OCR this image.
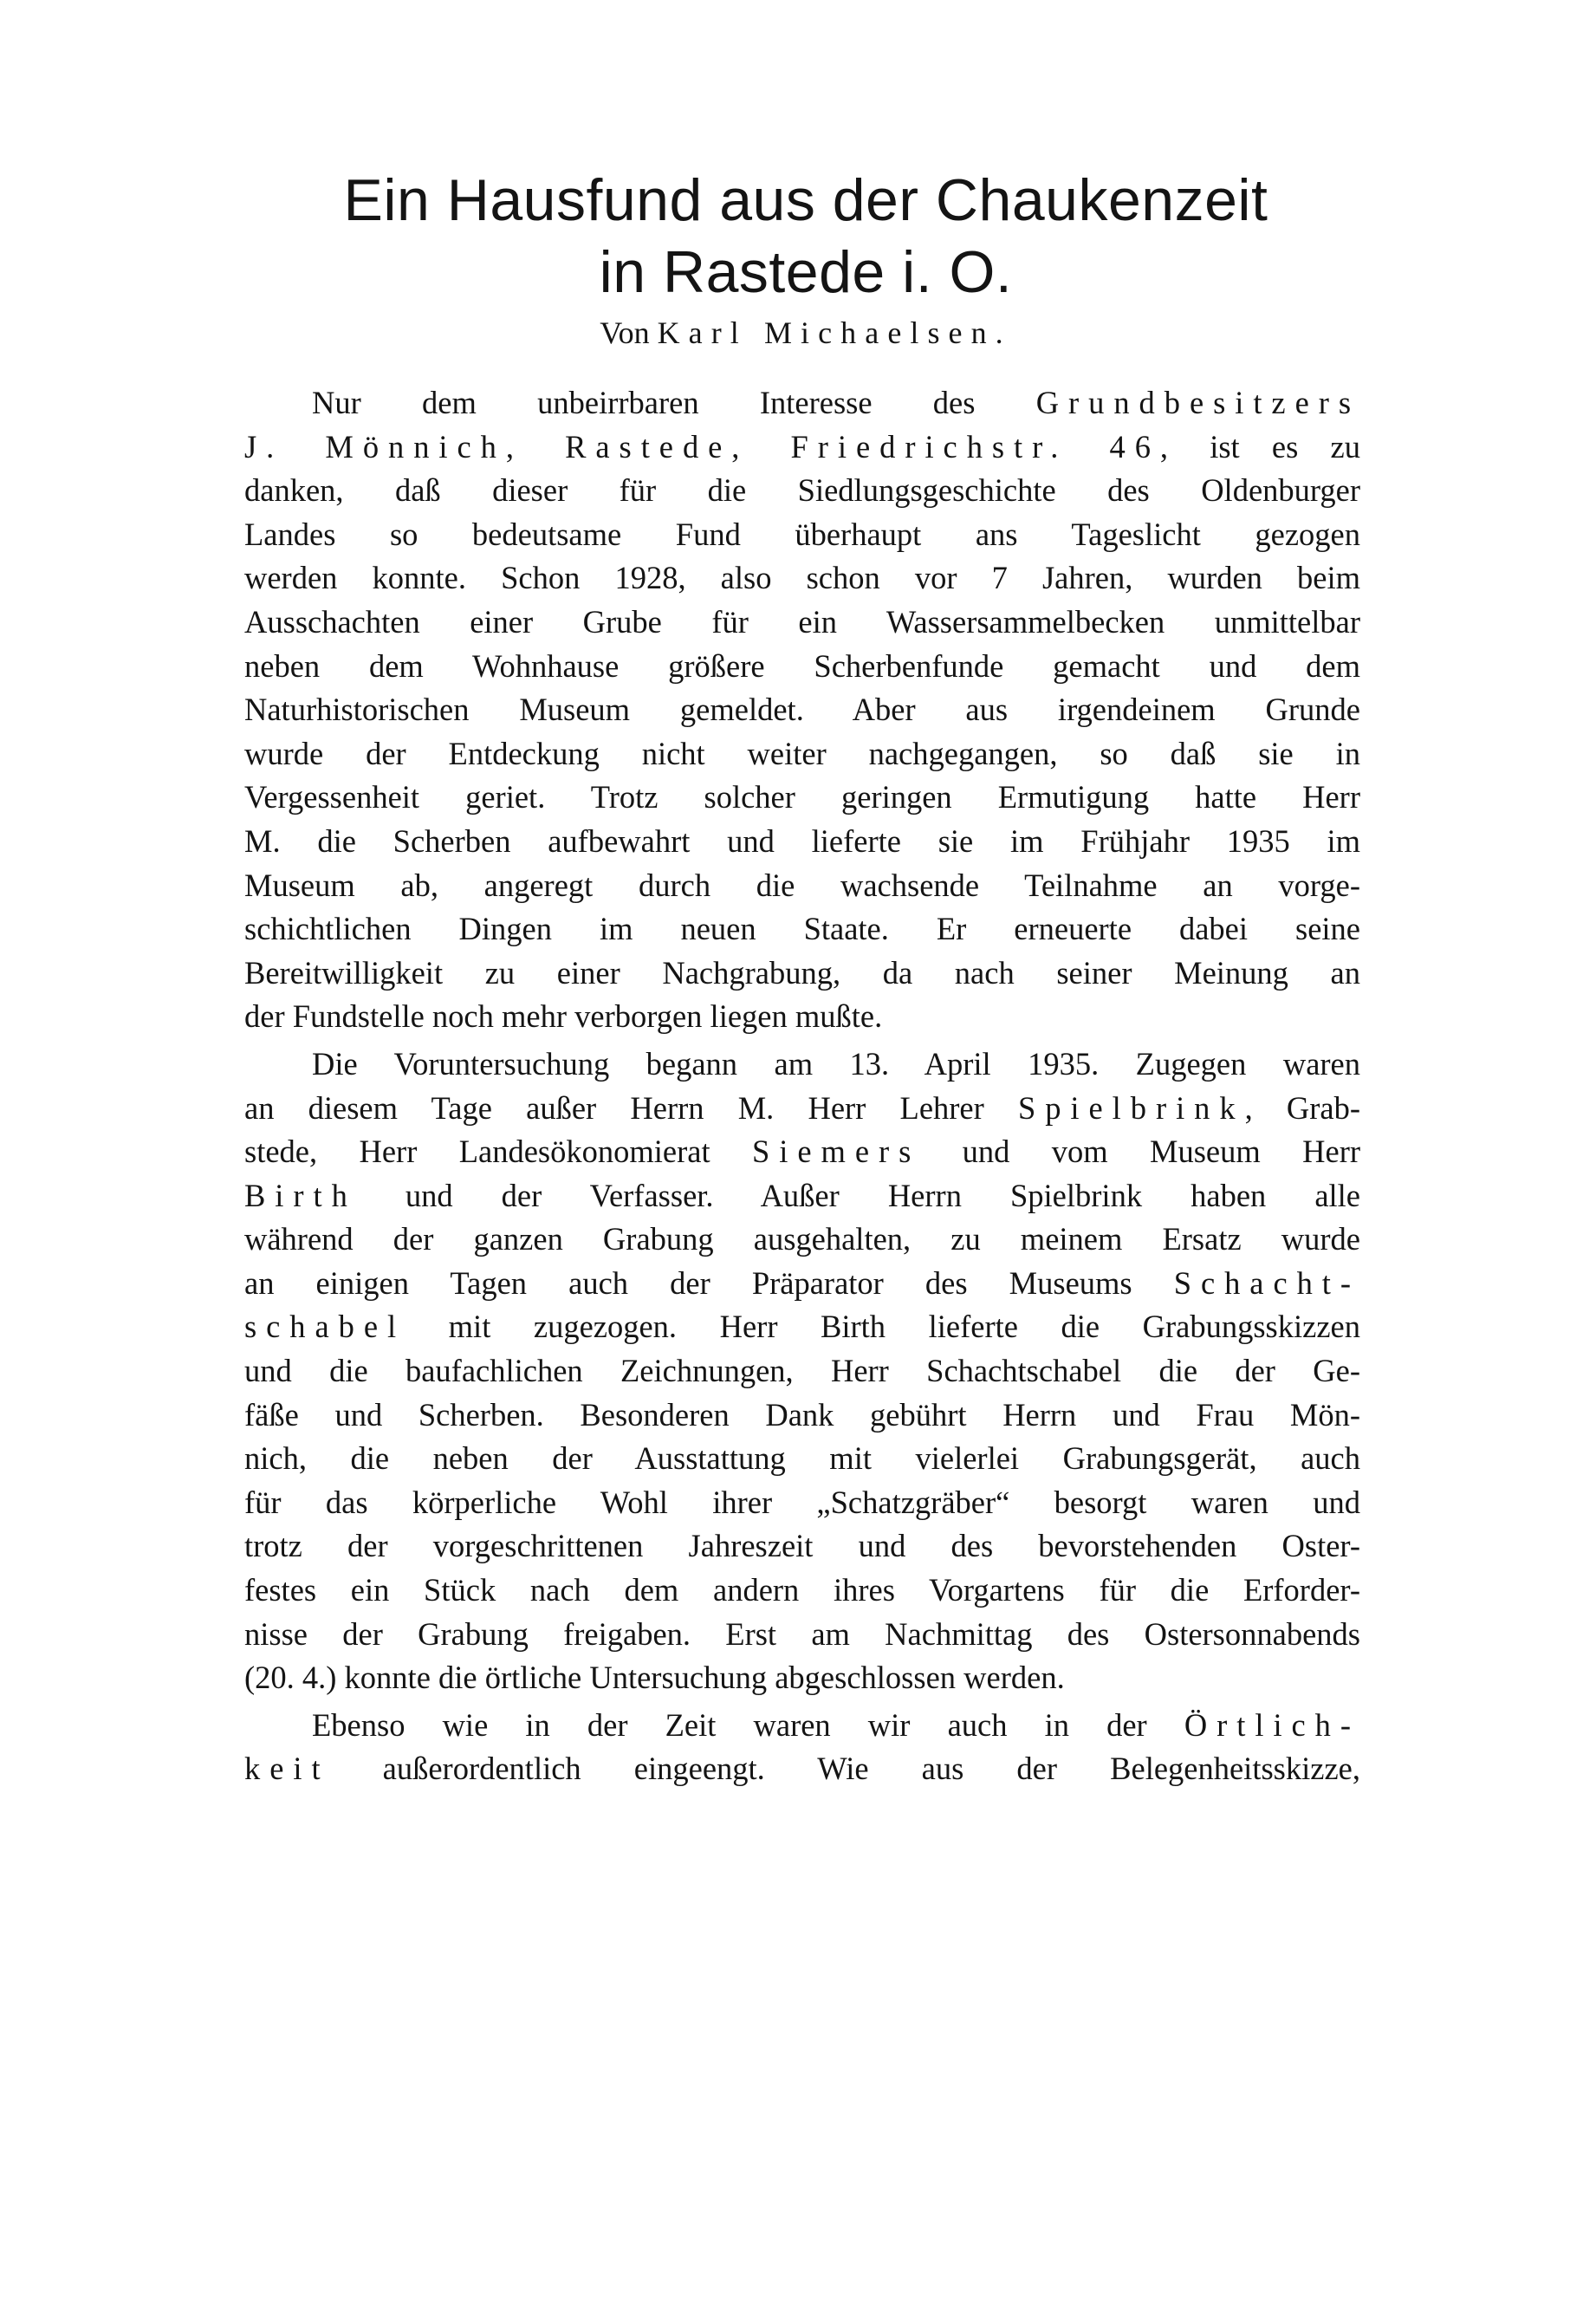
Ein Hausfund aus der Chaukenzeit
in Rastede i. O.
Von Karl Michaelsen.
Nur dem unbeirrbaren Interesse des Grundbesitzers
J. Mönnich, Rastede, Friedrichstr. 46, ist es zu
danken, daß dieser für die Siedlungsgeschichte des Oldenburger
Landes so bedeutsame Fund überhaupt ans Tageslicht gezogen
werden konnte. Schon 1928, also schon vor 7 Jahren, wurden beim
Ausschachten einer Grube für ein Wassersammelbecken unmittelbar
neben dem Wohnhause größere Scherbenfunde gemacht und dem
Naturhistorischen Museum gemeldet. Aber aus irgendeinem Grunde
wurde der Entdeckung nicht weiter nachgegangen, so daß sie in
Vergessenheit geriet. Trotz solcher geringen Ermutigung hatte Herr
M. die Scherben aufbewahrt und lieferte sie im Frühjahr 1935 im
Museum ab, angeregt durch die wachsende Teilnahme an vorge-
schichtlichen Dingen im neuen Staate. Er erneuerte dabei seine
Bereitwilligkeit zu einer Nachgrabung, da nach seiner Meinung an
der Fundstelle noch mehr verborgen liegen mußte.
Die Voruntersuchung begann am 13. April 1935. Zugegen waren
an diesem Tage außer Herrn M. Herr Lehrer Spielbrink, Grab-
stede, Herr Landesökonomierat Siemers und vom Museum Herr
Birth und der Verfasser. Außer Herrn Spielbrink haben alle
während der ganzen Grabung ausgehalten, zu meinem Ersatz wurde
an einigen Tagen auch der Präparator des Museums Schacht-
schabel mit zugezogen. Herr Birth lieferte die Grabungsskizzen
und die baufachlichen Zeichnungen, Herr Schachtschabel die der Ge-
fäße und Scherben. Besonderen Dank gebührt Herrn und Frau Mön-
nich, die neben der Ausstattung mit vielerlei Grabungsgerät, auch
für das körperliche Wohl ihrer „Schatzgräber“ besorgt waren und
trotz der vorgeschrittenen Jahreszeit und des bevorstehenden Oster-
festes ein Stück nach dem andern ihres Vorgartens für die Erforder-
nisse der Grabung freigaben. Erst am Nachmittag des Ostersonnabends
(20. 4.) konnte die örtliche Untersuchung abgeschlossen werden.
Ebenso wie in der Zeit waren wir auch in der Örtlich-
keit außerordentlich eingeengt. Wie aus der Belegenheitsskizze,
